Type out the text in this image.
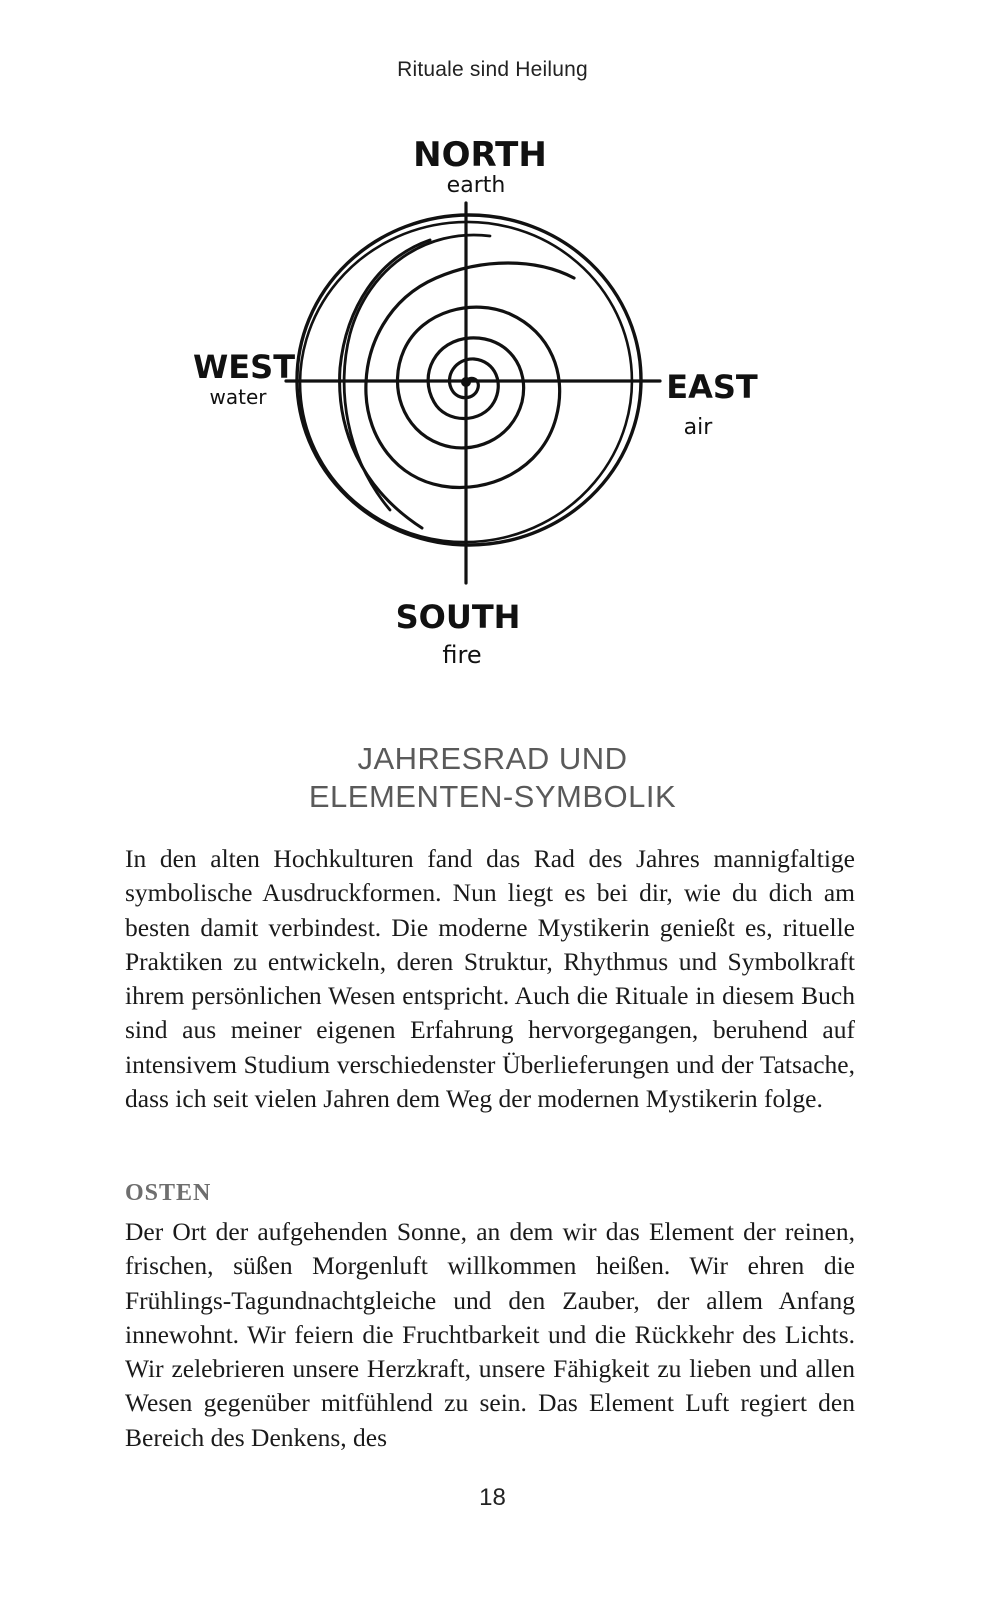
Rituale sind Heilung
NORTH
earth
WEST
water	EAST
air
SOUTH
fire
JAHRESRAD UND
ELEMENTEN-SYMBOLIK

In den alten Hochkulturen fand das Rad des Jahres mannigfaltige symbolische Ausdruckformen. Nun liegt es bei dir, wie du dich am besten damit verbindest. Die moderne Mystikerin genießt es, rituelle Praktiken zu entwickeln, deren Struktur, Rhythmus und Symbolkraft ihrem persönlichen Wesen entspricht. Auch die Rituale in diesem Buch sind aus meiner eigenen Erfahrung hervorgegangen, beruhend auf intensivem Studium verschiedenster Überlieferungen und der Tatsache, dass ich seit vielen Jahren dem Weg der modernen Mystikerin folge.

OSTEN

Der Ort der aufgehenden Sonne, an dem wir das Element der reinen, frischen, süßen Morgenluft willkommen heißen. Wir ehren die Frühlings-Tagundnachtgleiche und den Zauber, der allem Anfang innewohnt. Wir feiern die Fruchtbarkeit und die Rückkehr des Lichts. Wir zelebrieren unsere Herzkraft, unsere Fähigkeit zu lieben und allen Wesen gegenüber mitfühlend zu sein. Das Element Luft regiert den Bereich des Denkens, des

18
